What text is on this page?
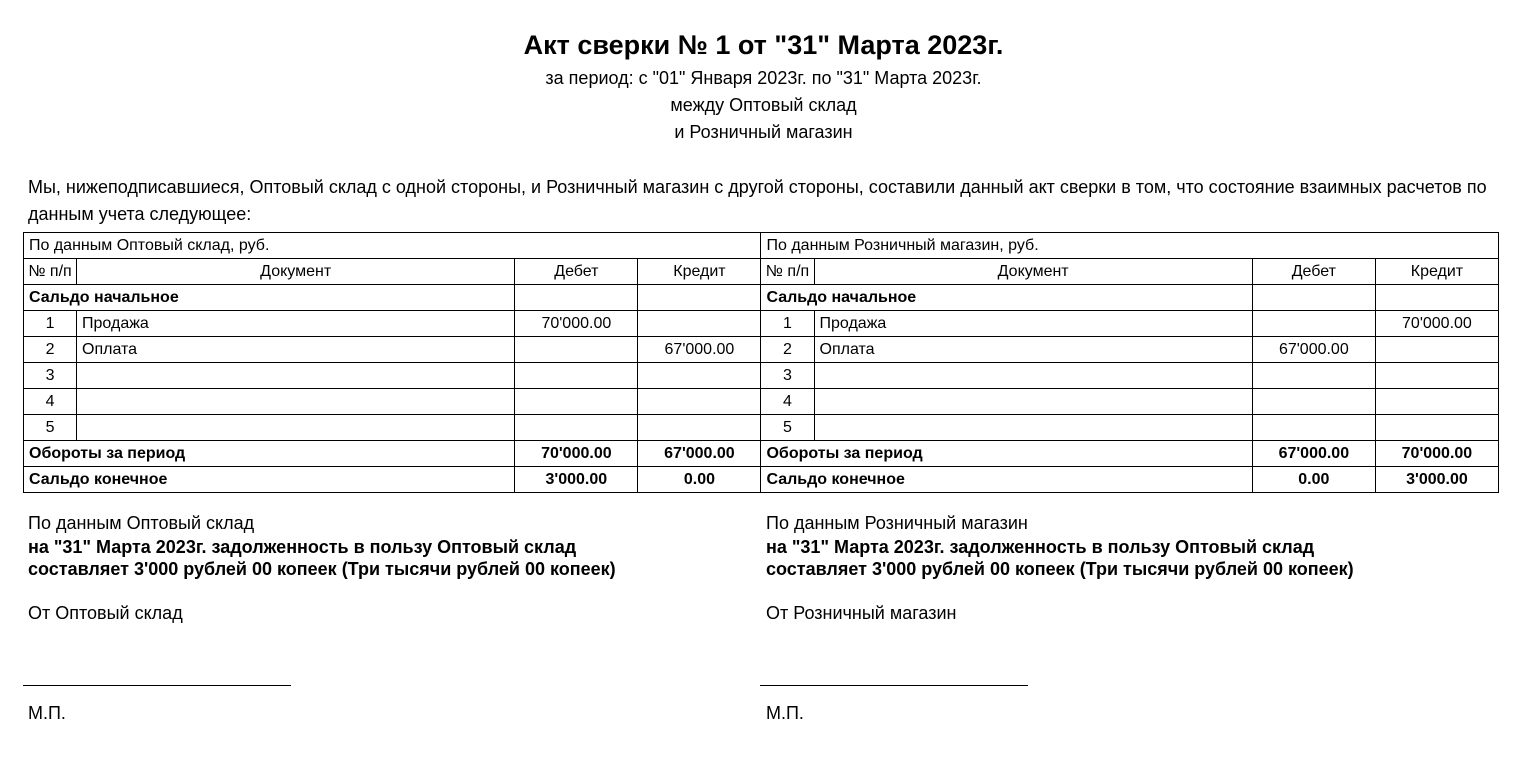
Акт сверки № 1 от "31" Марта 2023г.
за период: с "01" Января 2023г. по "31" Марта 2023г.
между Оптовый склад
и Розничный магазин
Мы, нижеподписавшиеся, Оптовый склад с одной стороны, и Розничный магазин с другой стороны, составили данный акт сверки в том, что состояние взаимных расчетов по данным учета следующее:
По данным Оптовый склад, руб.				По данным Розничный магазин, руб.			
№ п/п	Документ	Дебет	Кредит	№ п/п	Документ	Дебет	Кредит
Сальдо начальное				Сальдо начальное			
1	Продажа	70'000.00		1	Продажа		70'000.00
2	Оплата		67'000.00	2	Оплата	67'000.00	
3				3			
4				4			
5				5			
Обороты за период		70'000.00	67'000.00	Обороты за период		67'000.00	70'000.00
Сальдо конечное		3'000.00	0.00	Сальдо конечное		0.00	3'000.00
По данным Оптовый склад
на "31" Марта 2023г. задолженность в пользу Оптовый склад
составляет 3'000 рублей 00 копеек (Три тысячи рублей 00 копеек)
От Оптовый склад
М.П.
По данным Розничный магазин
на "31" Марта 2023г. задолженность в пользу Оптовый склад
составляет 3'000 рублей 00 копеек (Три тысячи рублей 00 копеек)
От Розничный магазин
М.П.
